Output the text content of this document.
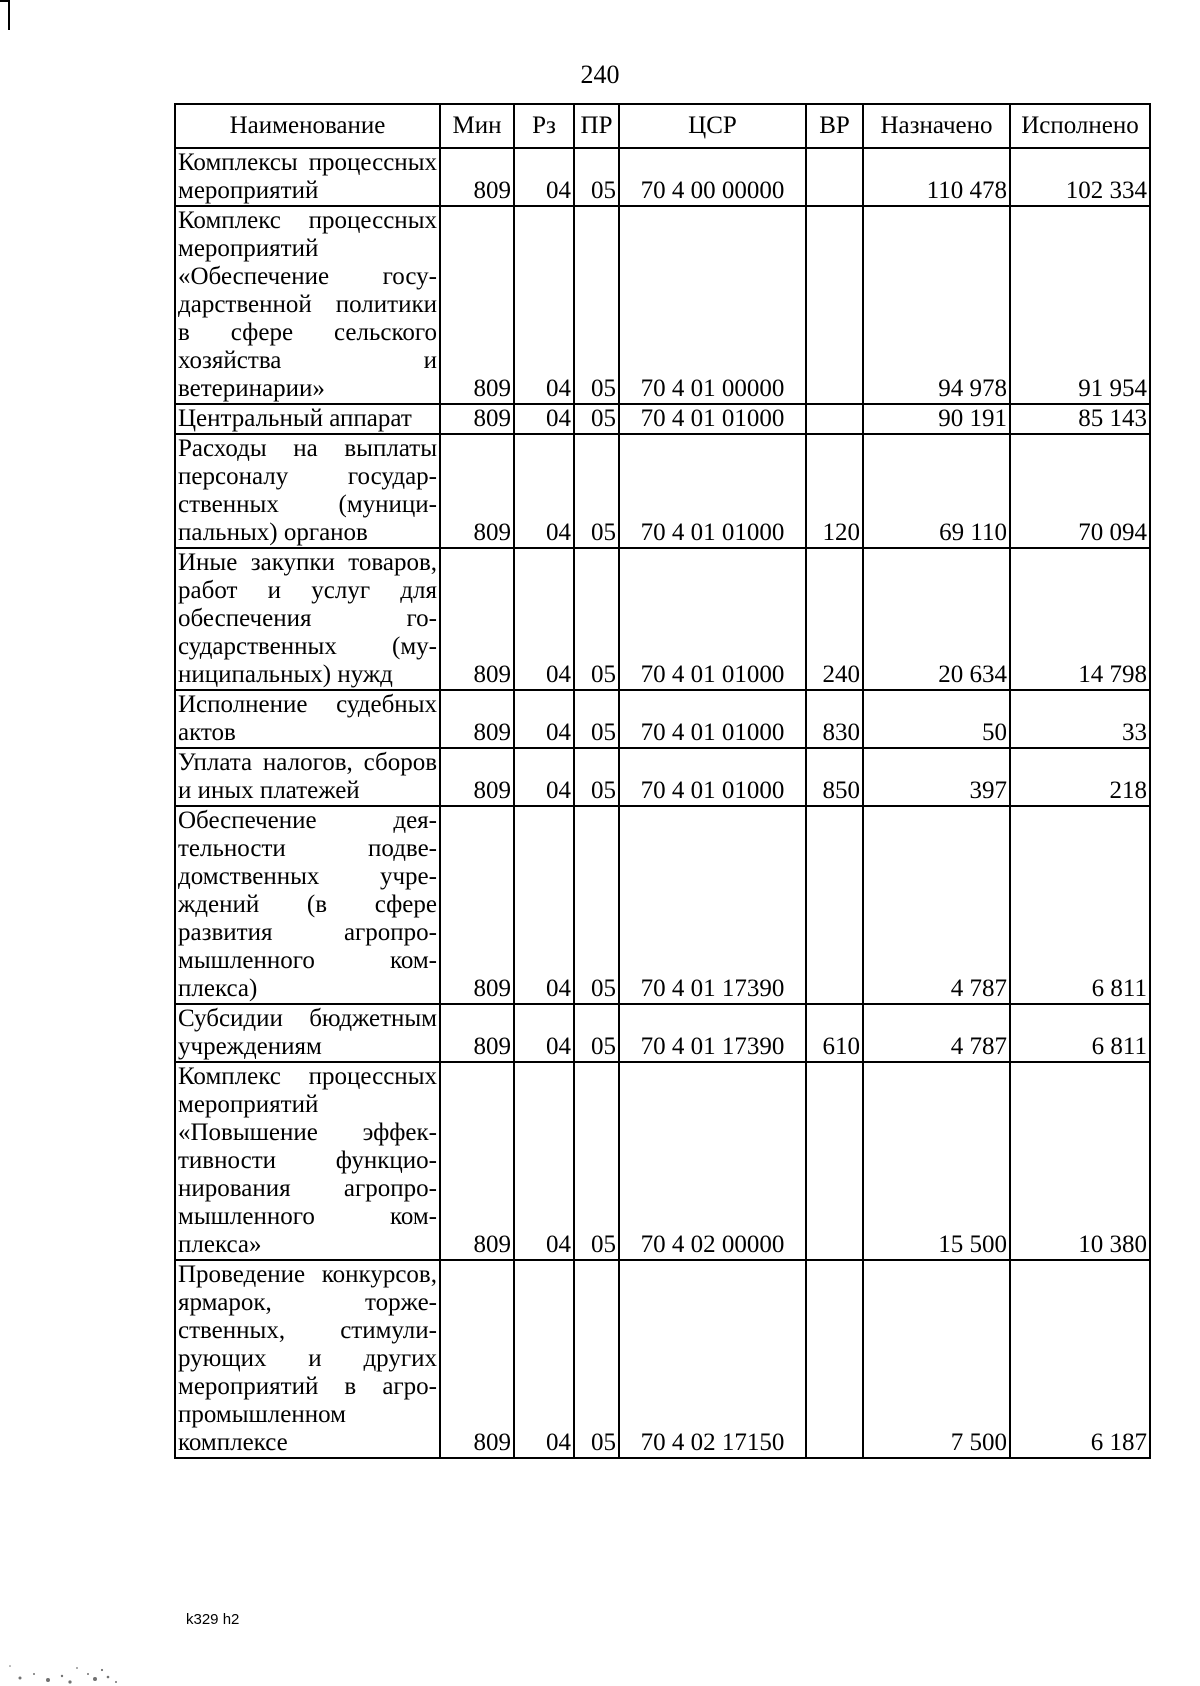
240
Наименование	Мин	Рз	ПР	ЦСР	ВР	Назначено	Исполнено
Комплексы процессных мероприятий	809	04	05	70 4 00 00000		110 478	102 334
Комплекс процессных мероприятий «Обеспечение государственной политики в сфере сельского хозяйства и ветеринарии»	809	04	05	70 4 01 00000		94 978	91 954
Центральный аппарат	809	04	05	70 4 01 01000		90 191	85 143
Расходы на выплаты персоналу государственных (муниципальных) органов	809	04	05	70 4 01 01000	120	69 110	70 094
Иные закупки товаров, работ и услуг для обеспечения государственных (муниципальных) нужд	809	04	05	70 4 01 01000	240	20 634	14 798
Исполнение судебных актов	809	04	05	70 4 01 01000	830	50	33
Уплата налогов, сборов и иных платежей	809	04	05	70 4 01 01000	850	397	218
Обеспечение деятельности подведомственных учреждений (в сфере развития агропромышленного комплекса)	809	04	05	70 4 01 17390		4 787	6 811
Субсидии бюджетным учреждениям	809	04	05	70 4 01 17390	610	4 787	6 811
Комплекс процессных мероприятий «Повышение эффективности функционирования агропромышленного комплекса»	809	04	05	70 4 02 00000		15 500	10 380
Проведение конкурсов, ярмарок, торжественных, стимулирующих и других мероприятий в агропромышленном комплексе	809	04	05	70 4 02 17150		7 500	6 187
k329 h2
